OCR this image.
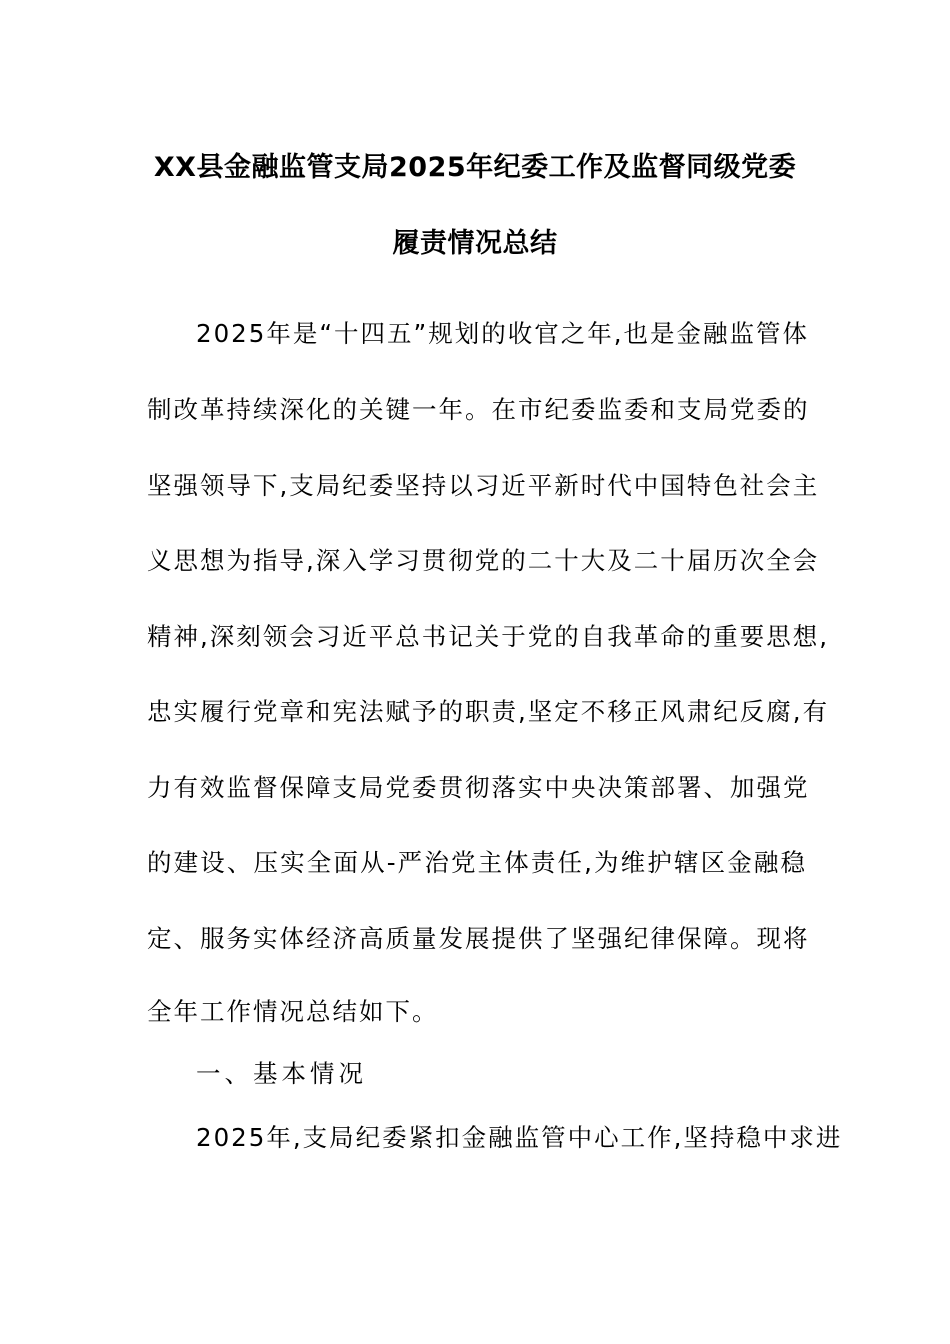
XX县金融监管支局2025年纪委工作及监督同级党委
履责情况总结
2025年是“十四五”规划的收官之年,也是金融监管体
制改革持续深化的关键一年。在市纪委监委和支局党委的
坚强领导下,支局纪委坚持以习近平新时代中国特色社会主
义思想为指导,深入学习贯彻党的二十大及二十届历次全会
精神,深刻领会习近平总书记关于党的自我革命的重要思想,
忠实履行党章和宪法赋予的职责,坚定不移正风肃纪反腐,有
力有效监督保障支局党委贯彻落实中央决策部署、加强党
的建设、压实全面从-严治党主体责任,为维护辖区金融稳
定、服务实体经济高质量发展提供了坚强纪律保障。现将
全年工作情况总结如下。
一、基本情况
2025年,支局纪委紧扣金融监管中心工作,坚持稳中求进
